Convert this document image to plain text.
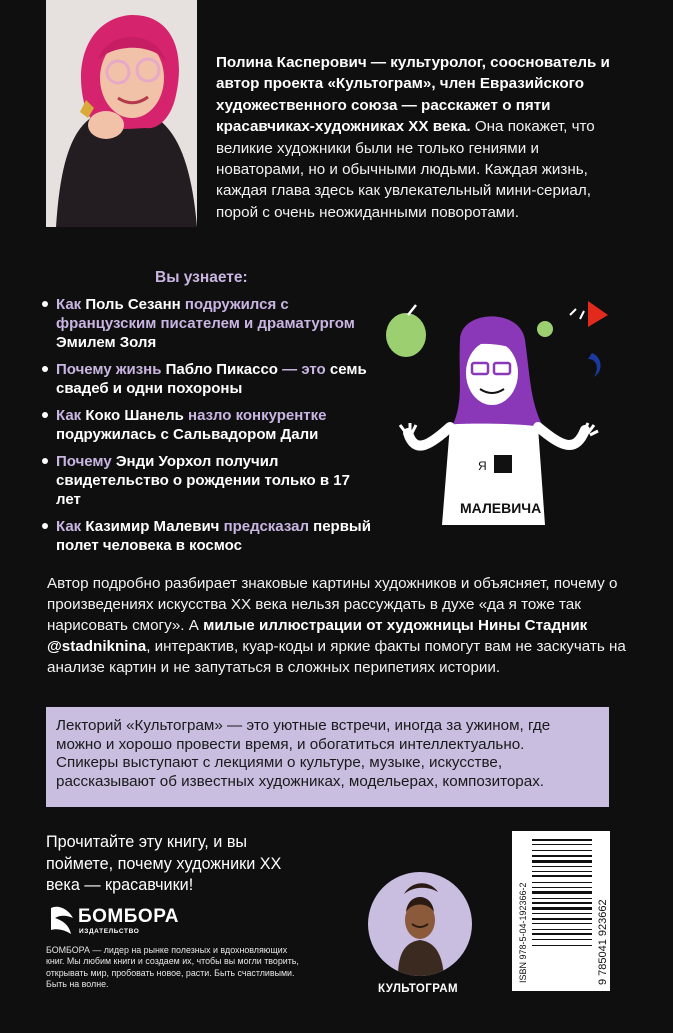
Полина Касперович — культуролог, сооснователь и автор проекта «Культограм», член Евразийского художественного союза — расскажет о пяти красавчиках-художниках XX века. Она покажет, что великие художники были не только гениями и новаторами, но и обычными людьми. Каждая жизнь, каждая глава здесь как увлекательный мини-сериал, порой с очень неожиданными поворотами.
Вы узнаете:
Как Поль Сезанн подружился с французским писателем и драматургом Эмилем Золя
Почему жизнь Пабло Пикассо — это семь свадеб и одни похороны
Как Коко Шанель назло конкурентке подружилась с Сальвадором Дали
Почему Энди Уорхол получил свидетельство о рождении только в 17 лет
Как Казимир Малевич предсказал первый полет человека в космос
Я
МАЛЕВИЧА
Автор подробно разбирает знаковые картины художников и объясняет, почему о произведениях искусства XX века нельзя рассуждать в духе «да я тоже так нарисовать смогу». А милые иллюстрации от художницы Нины Стадник @stadniknina, интерактив, куар-коды и яркие факты помогут вам не заскучать на анализе картин и не запутаться в сложных перипетиях истории.

Лекторий «Культограм» — это уютные встречи, иногда за ужином, где можно и хорошо провести время, и обогатиться интеллектуально. Спикеры выступают с лекциями о культуре, музыке, искусстве, рассказывают об известных художниках, модельерах, композиторах.

Прочитайте эту книгу, и вы поймете, почему художники XX века — красавчики!
БОМБОРА
ИЗДАТЕЛЬСТВО
БОМБОРА — лидер на рынке полезных и вдохновляющих книг. Мы любим книги и создаем их, чтобы вы могли творить, открывать мир, пробовать новое, расти. Быть счастливыми. Быть на волне.	КУЛЬТОГРАМ
ISBN 978-5-04-192366-2	9 785041 923662
